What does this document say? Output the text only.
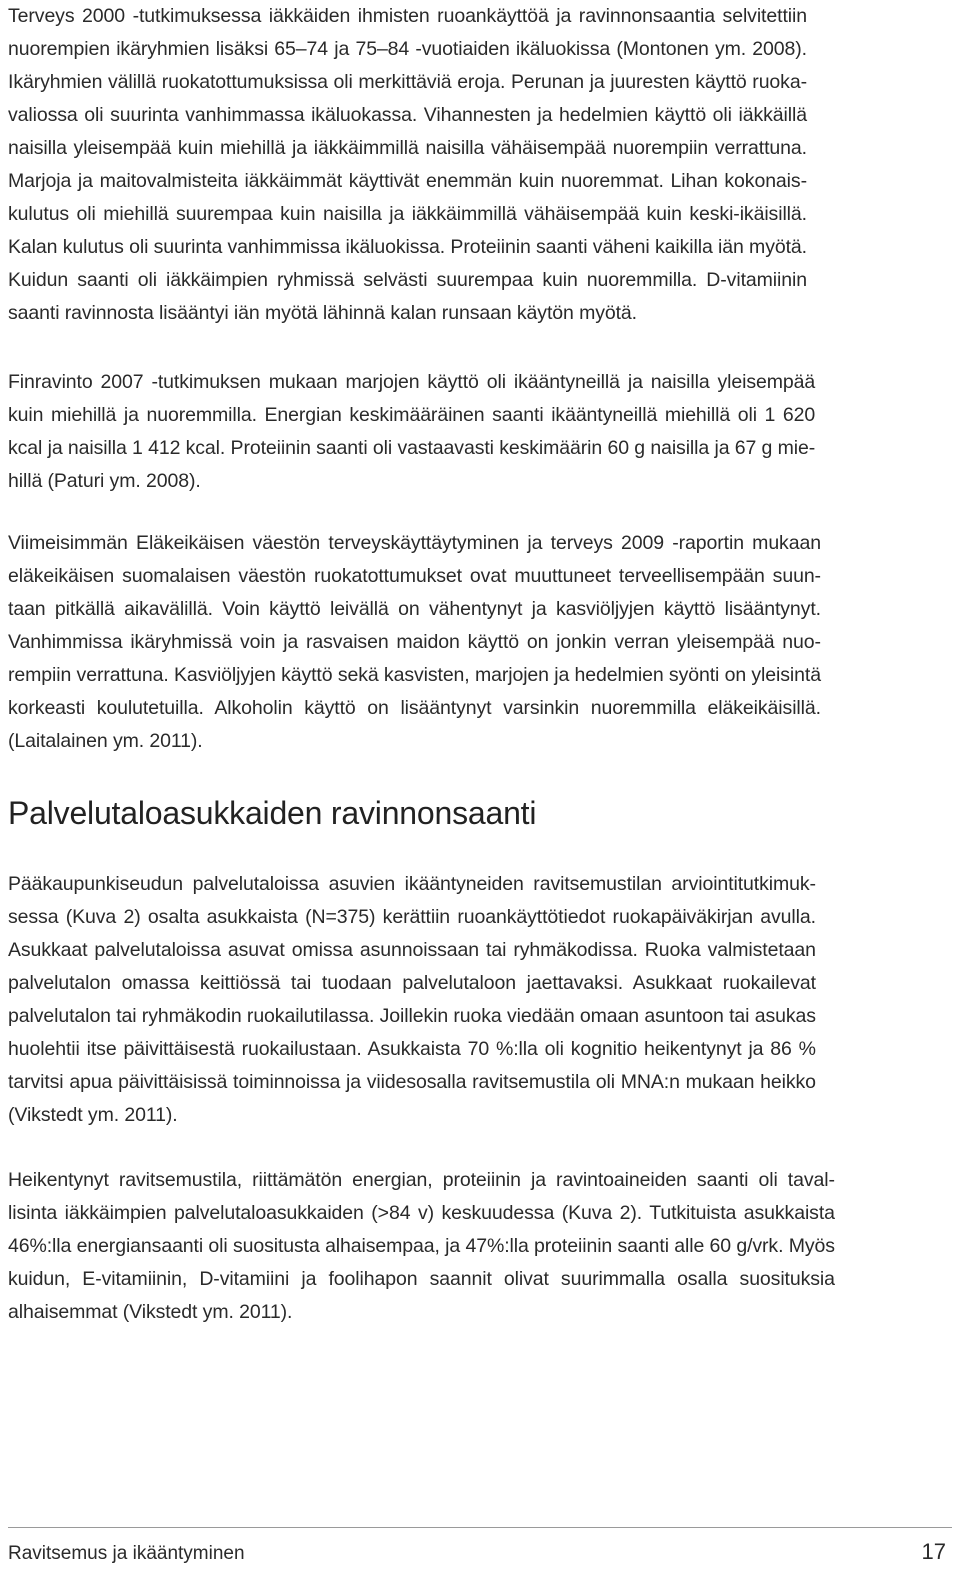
Terveys 2000 -tutkimuksessa iäkkäiden ihmisten ruoankäyttöä ja ravinnonsaantia selvitettiin
nuorempien ikäryhmien lisäksi 65–74 ja 75–84 -vuotiaiden ikäluokissa (Montonen ym. 2008).
Ikäryhmien välillä ruokatottumuksissa oli merkittäviä eroja. Perunan ja juuresten käyttö ruoka-
valiossa oli suurinta vanhimmassa ikäluokassa. Vihannesten ja hedelmien käyttö oli iäkkäillä
naisilla yleisempää kuin miehillä ja iäkkäimmillä naisilla vähäisempää nuorempiin verrattuna.
Marjoja ja maitovalmisteita iäkkäimmät käyttivät enemmän kuin nuoremmat. Lihan kokonais-
kulutus oli miehillä suurempaa kuin naisilla ja iäkkäimmillä vähäisempää kuin keski-ikäisillä.
Kalan kulutus oli suurinta vanhimmissa ikäluokissa. Proteiinin saanti väheni kaikilla iän myötä.
Kuidun saanti oli iäkkäimpien ryhmissä selvästi suurempaa kuin nuoremmilla. D-vitamiinin
saanti ravinnosta lisääntyi iän myötä lähinnä kalan runsaan käytön myötä.
Finravinto 2007 -tutkimuksen mukaan marjojen käyttö oli ikääntyneillä ja naisilla yleisempää
kuin miehillä ja nuoremmilla. Energian keskimääräinen saanti ikääntyneillä miehillä oli 1 620
kcal ja naisilla 1 412 kcal. Proteiinin saanti oli vastaavasti keskimäärin 60 g naisilla ja 67 g mie-
hillä (Paturi ym. 2008).
Viimeisimmän Eläkeikäisen väestön terveyskäyttäytyminen ja terveys 2009 -raportin mukaan
eläkeikäisen suomalaisen väestön ruokatottumukset ovat muuttuneet terveellisempään suun-
taan pitkällä aikavälillä. Voin käyttö leivällä on vähentynyt ja kasviöljyjen käyttö lisääntynyt.
Vanhimmissa ikäryhmissä voin ja rasvaisen maidon käyttö on jonkin verran yleisempää nuo-
rempiin verrattuna. Kasviöljyjen käyttö sekä kasvisten, marjojen ja hedelmien syönti on yleisintä
korkeasti koulutetuilla. Alkoholin käyttö on lisääntynyt varsinkin nuoremmilla eläkeikäisillä.
(Laitalainen ym. 2011).
Palvelutaloasukkaiden ravinnonsaanti
Pääkaupunkiseudun palvelutaloissa asuvien ikääntyneiden ravitsemustilan arviointitutkimuk-
sessa (Kuva 2) osalta asukkaista (N=375) kerättiin ruoankäyttötiedot ruokapäiväkirjan avulla.
Asukkaat palvelutaloissa asuvat omissa asunnoissaan tai ryhmäkodissa. Ruoka valmistetaan
palvelutalon omassa keittiössä tai tuodaan palvelutaloon jaettavaksi. Asukkaat ruokailevat
palvelutalon tai ryhmäkodin ruokailutilassa. Joillekin ruoka viedään omaan asuntoon tai asukas
huolehtii itse päivittäisestä ruokailustaan. Asukkaista 70 %:lla oli kognitio heikentynyt ja 86 %
tarvitsi apua päivittäisissä toiminnoissa ja viidesosalla ravitsemustila oli MNA:n mukaan heikko
(Vikstedt ym. 2011).
Heikentynyt ravitsemustila, riittämätön energian, proteiinin ja ravintoaineiden saanti oli taval-
lisinta iäkkäimpien palvelutaloasukkaiden (>84 v) keskuudessa (Kuva 2). Tutkituista asukkaista
46%:lla energiansaanti oli suositusta alhaisempaa, ja 47%:lla proteiinin saanti alle 60 g/vrk. Myös
kuidun, E-vitamiinin, D-vitamiini ja foolihapon saannit olivat suurimmalla osalla suosituksia
alhaisemmat (Vikstedt ym. 2011).
Ravitsemus ja ikääntyminen	17
